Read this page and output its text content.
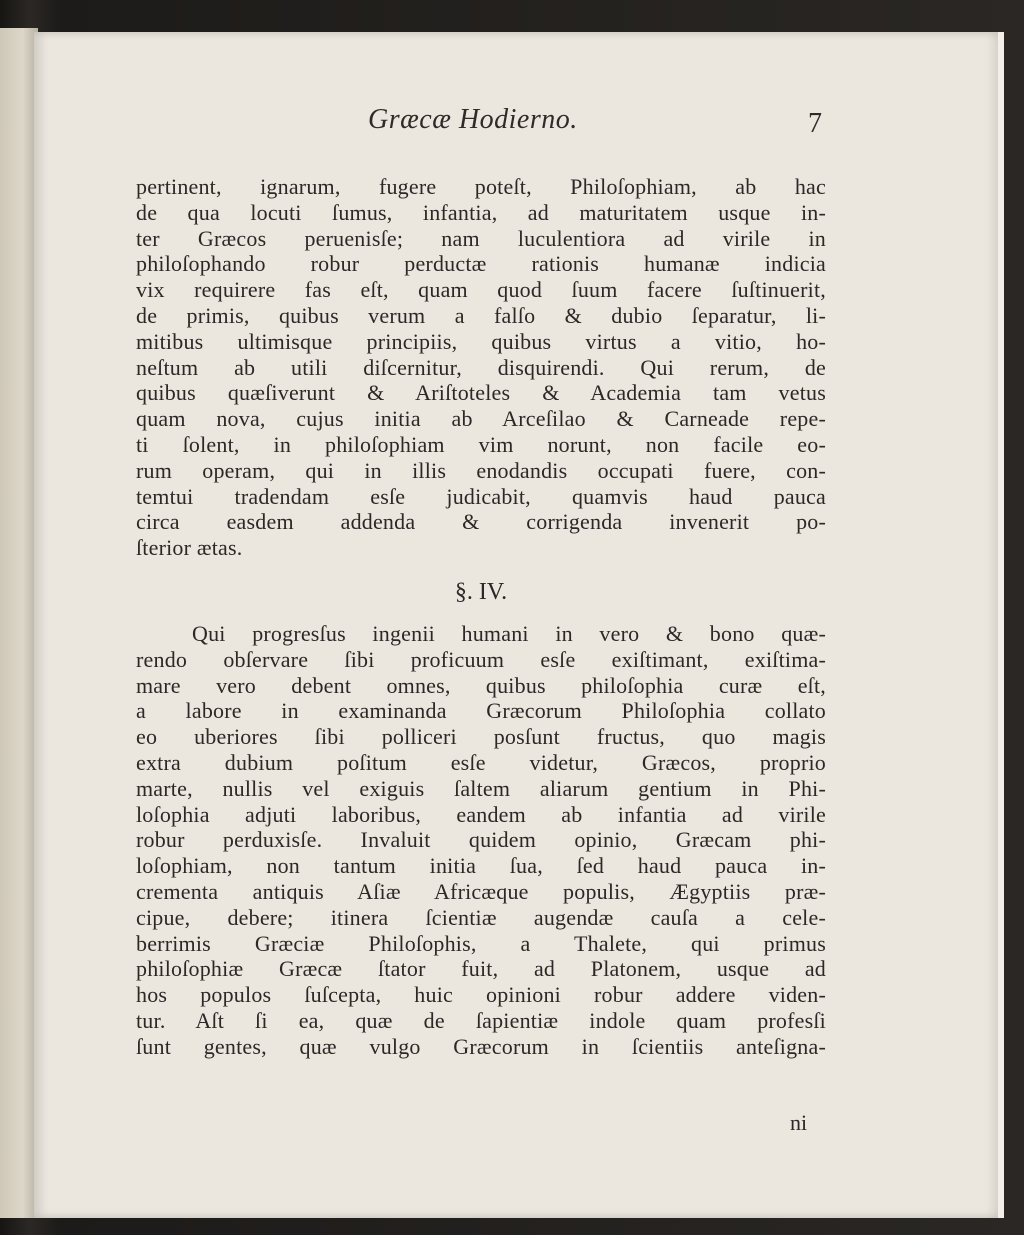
Græcæ Hodierno.	7
pertinent, ignarum, fugere poteſt, Philoſophiam, ab hac
de qua locuti ſumus, infantia, ad maturitatem usque in-
ter Græcos peruenisſe; nam luculentiora ad virile in
philoſophando robur perductæ rationis humanæ indicia
vix requirere fas eſt, quam quod ſuum facere ſuſtinuerit,
de primis, quibus verum a falſo & dubio ſeparatur, li-
mitibus ultimisque principiis, quibus virtus a vitio, ho-
neſtum ab utili diſcernitur, disquirendi. Qui rerum, de
quibus quæſiverunt & Ariſtoteles & Academia tam vetus
quam nova, cujus initia ab Arceſilao & Carneade repe-
ti ſolent, in philoſophiam vim norunt, non facile eo-
rum operam, qui in illis enodandis occupati fuere, con-
temtui tradendam esſe judicabit, quamvis haud pauca
circa easdem addenda & corrigenda invenerit po-
ſterior ætas.
§. IV.
Qui progresſus ingenii humani in vero & bono quæ-
rendo obſervare ſibi proficuum esſe exiſtimant, exiſtima-
mare vero debent omnes, quibus philoſophia curæ eſt,
a labore in examinanda Græcorum Philoſophia collato
eo uberiores ſibi polliceri posſunt fructus, quo magis
extra dubium poſitum esſe videtur, Græcos, proprio
marte, nullis vel exiguis ſaltem aliarum gentium in Phi-
loſophia adjuti laboribus, eandem ab infantia ad virile
robur perduxisſe. Invaluit quidem opinio, Græcam phi-
loſophiam, non tantum initia ſua, ſed haud pauca in-
crementa antiquis Aſiæ Africæque populis, Ægyptiis præ-
cipue, debere; itinera ſcientiæ augendæ cauſa a cele-
berrimis Græciæ Philoſophis, a Thalete, qui primus
philoſophiæ Græcæ ſtator fuit, ad Platonem, usque ad
hos populos ſuſcepta, huic opinioni robur addere viden-
tur. Aſt ſi ea, quæ de ſapientiæ indole quam profesſi
ſunt gentes, quæ vulgo Græcorum in ſcientiis anteſigna-
ni
